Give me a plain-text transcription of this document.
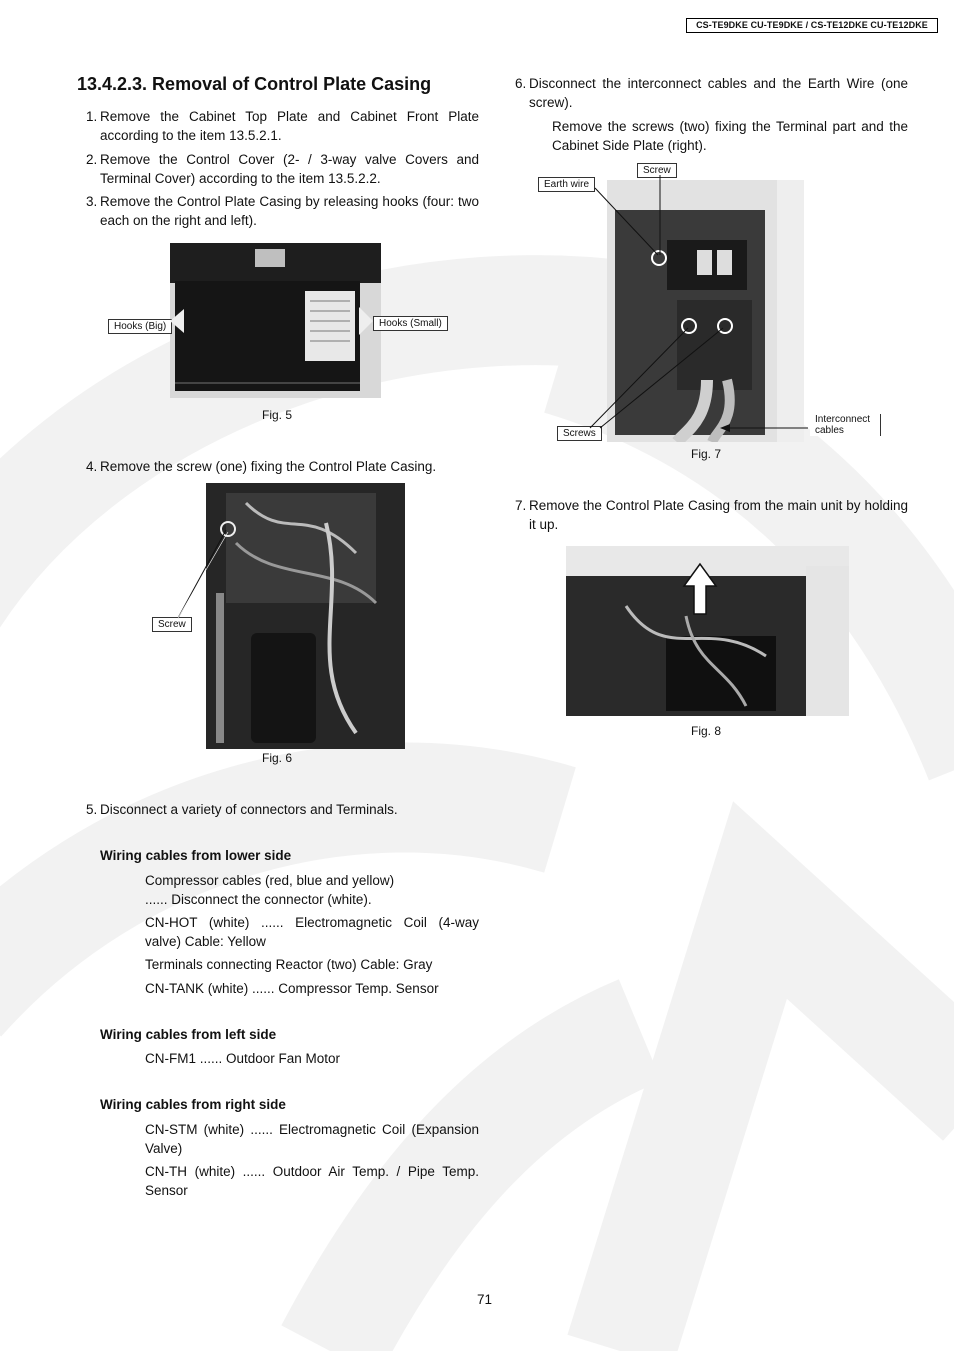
CS-TE9DKE CU-TE9DKE / CS-TE12DKE CU-TE12DKE
13.4.2.3. Removal of Control Plate Casing
1. Remove the Cabinet Top Plate and Cabinet Front Plate according to the item 13.5.2.1.
2. Remove the Control Cover (2- / 3-way valve Covers and Terminal Cover) according to the item 13.5.2.2.
3. Remove the Control Plate Casing by releasing hooks (four: two each on the right and left).
Hooks (Big)	Hooks (Small)
Fig. 5
4. Remove the screw (one) fixing the Control Plate Casing.
Screw
Fig. 6
5. Disconnect a variety of connectors and Terminals.
Wiring cables from lower side
Compressor cables (red, blue and yellow)
...... Disconnect the connector (white).
CN-HOT (white) ...... Electromagnetic Coil (4-way valve) Cable: Yellow
Terminals connecting Reactor (two) Cable: Gray
CN-TANK (white) ...... Compressor Temp. Sensor
Wiring cables from left side
CN-FM1 ...... Outdoor Fan Motor
Wiring cables from right side
CN-STM (white) ...... Electromagnetic Coil (Expansion Valve)
CN-TH (white) ...... Outdoor Air Temp. / Pipe Temp. Sensor
6. Disconnect the interconnect cables and the Earth Wire (one screw).
Remove the screws (two) fixing the Terminal part and the Cabinet Side Plate (right).
Screw
Earth wire
Screws
Interconnect cables
Fig. 7
7. Remove the Control Plate Casing from the main unit by holding it up.
Fig. 8
71
